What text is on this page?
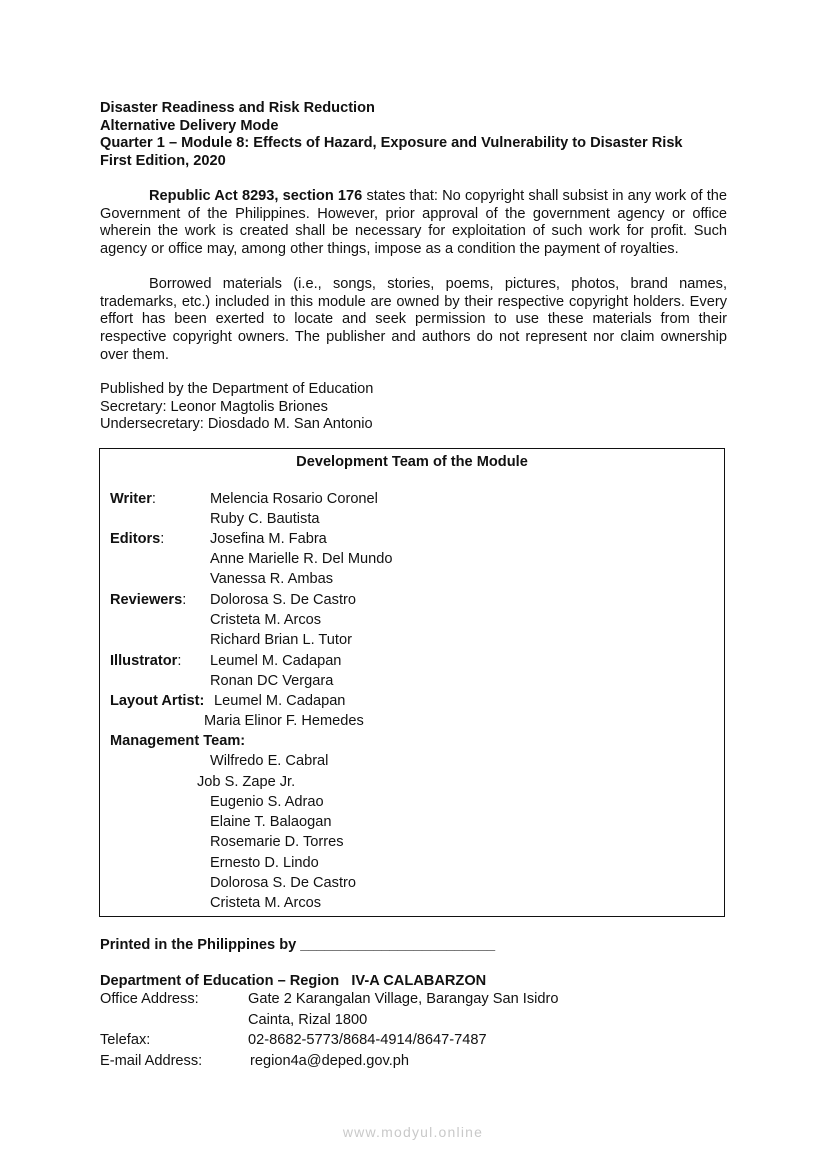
Disaster Readiness and Risk Reduction
Alternative Delivery Mode
Quarter 1 – Module 8: Effects of Hazard, Exposure and Vulnerability to Disaster Risk
First Edition, 2020
Republic Act 8293, section 176 states that: No copyright shall subsist in any work of the Government of the Philippines. However, prior approval of the government agency or office wherein the work is created shall be necessary for exploitation of such work for profit. Such agency or office may, among other things, impose as a condition the payment of royalties.
Borrowed materials (i.e., songs, stories, poems, pictures, photos, brand names, trademarks, etc.) included in this module are owned by their respective copyright holders. Every effort has been exerted to locate and seek permission to use these materials from their respective copyright owners. The publisher and authors do not represent nor claim ownership over them.
Published by the Department of Education
Secretary: Leonor Magtolis Briones
Undersecretary: Diosdado M. San Antonio
Development Team of the Module
Writer:	Melencia Rosario Coronel
Ruby C. Bautista
Editors:	Josefina M. Fabra
Anne Marielle R. Del Mundo
Vanessa R. Ambas
Reviewers: Dolorosa S. De Castro
Cristeta M. Arcos
Richard Brian L. Tutor
Illustrator: Leumel M. Cadapan
Ronan DC Vergara
Layout Artist: Leumel M. Cadapan
Maria Elinor F. Hemedes
Management Team:
Wilfredo E. Cabral
Job S. Zape Jr.
Eugenio S. Adrao
Elaine T. Balaogan
Rosemarie D. Torres
Ernesto D. Lindo
Dolorosa S. De Castro
Cristeta M. Arcos
Printed in the Philippines by ________________________
Department of Education – Region   IV-A CALABARZON
Office Address:	Gate 2 Karangalan Village, Barangay San Isidro
Cainta, Rizal 1800
Telefax:	02-8682-5773/8684-4914/8647-7487
E-mail Address:	region4a@deped.gov.ph
www.modyul.online
